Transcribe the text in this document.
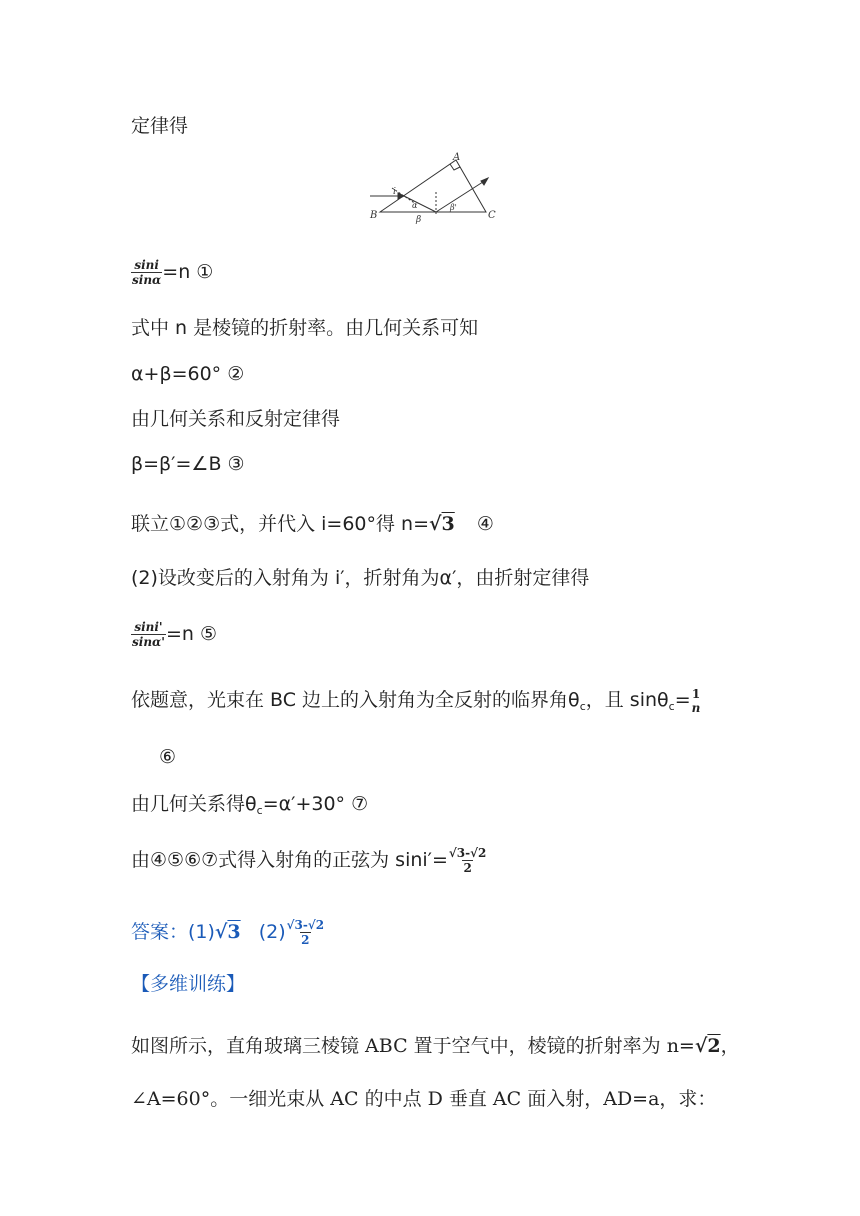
定律得
A
B	C
i
α
β
β'
$\frac{\sin i}{\sin\alpha} =n$ ①
式中 n 是棱镜的折射率。由几何关系可知
α+β=60° ②
由几何关系和反射定律得
β=β′=∠B ③
联立①②③式，并代入 i=60°得 n=√3 ④
(2)设改变后的入射角为 i′，折射角为α′，由折射定律得
$\frac{\sin i'}{\sin\alpha'} =n$ ⑤
依题意，光束在 BC 边上的入射角为全反射的临界角$\theta_c$，且 sinθ$_c$= 1
n
⑥
由几何关系得$\theta_c=\alpha'+30^\circ$ ⑦
由④⑤⑥⑦式得入射角的正弦为 $\sin i'= \frac{√3-√2}{2}$
答案：(1)√3 $(2) \frac{√3-√2}{2}$
【多维训练】
如图所示，直角玻璃三棱镜 ABC 置于空气中，棱镜的折射率为 n=√2，
∠A=60°。一细光束从 AC 的中点 D 垂直 AC 面入射，AD=a，求：
